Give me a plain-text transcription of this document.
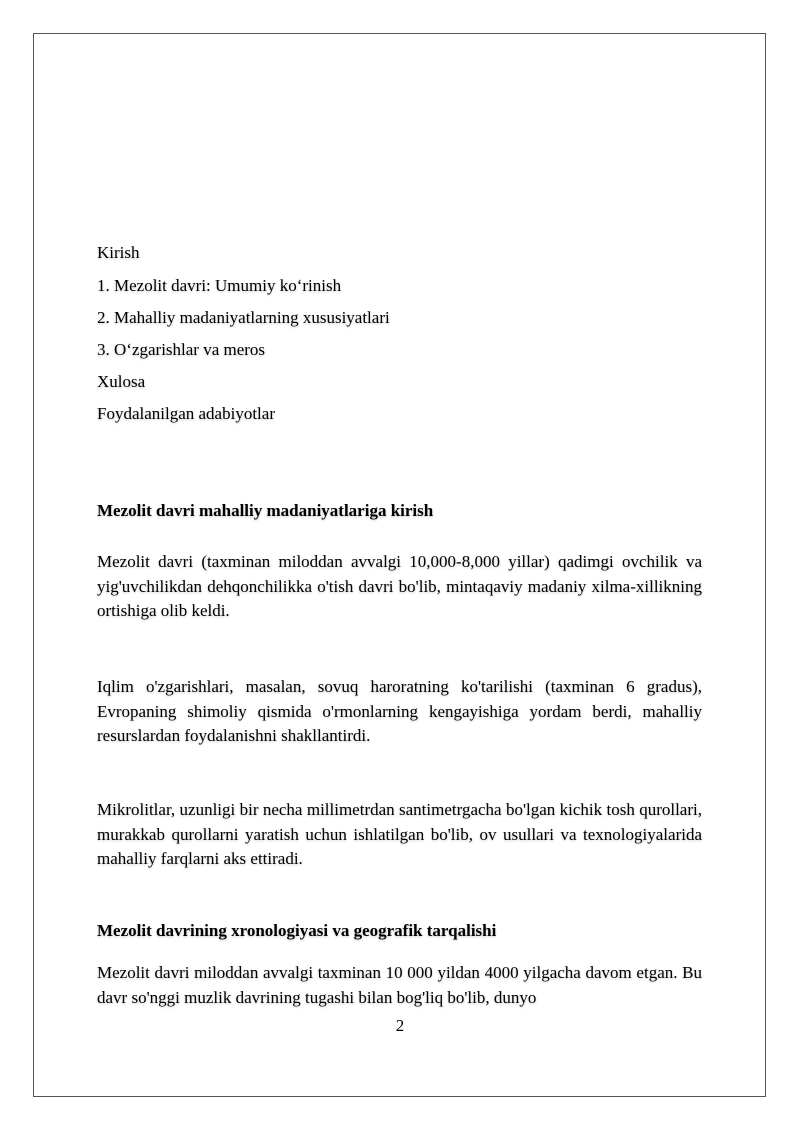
Kirish
1. Mezolit davri: Umumiy ko‘rinish
2. Mahalliy madaniyatlarning xususiyatlari
3. O‘zgarishlar va meros
Xulosa
Foydalanilgan adabiyotlar
Mezolit davri mahalliy madaniyatlariga kirish
Mezolit davri (taxminan miloddan avvalgi 10,000-8,000 yillar) qadimgi ovchilik va yig'uvchilikdan dehqonchilikka o'tish davri bo'lib, mintaqaviy madaniy xilma-xillikning ortishiga olib keldi.
Iqlim o'zgarishlari, masalan, sovuq haroratning ko'tarilishi (taxminan 6 gradus), Evropaning shimoliy qismida o'rmonlarning kengayishiga yordam berdi, mahalliy resurslardan foydalanishni shakllantirdi.
Mikrolitlar, uzunligi bir necha millimetrdan santimetrgacha bo'lgan kichik tosh qurollari, murakkab qurollarni yaratish uchun ishlatilgan bo'lib, ov usullari va texnologiyalarida mahalliy farqlarni aks ettiradi.
Mezolit davrining xronologiyasi va geografik tarqalishi
Mezolit davri miloddan avvalgi taxminan 10 000 yildan 4000 yilgacha davom etgan. Bu davr so'nggi muzlik davrining tugashi bilan bog'liq bo'lib, dunyo
2
